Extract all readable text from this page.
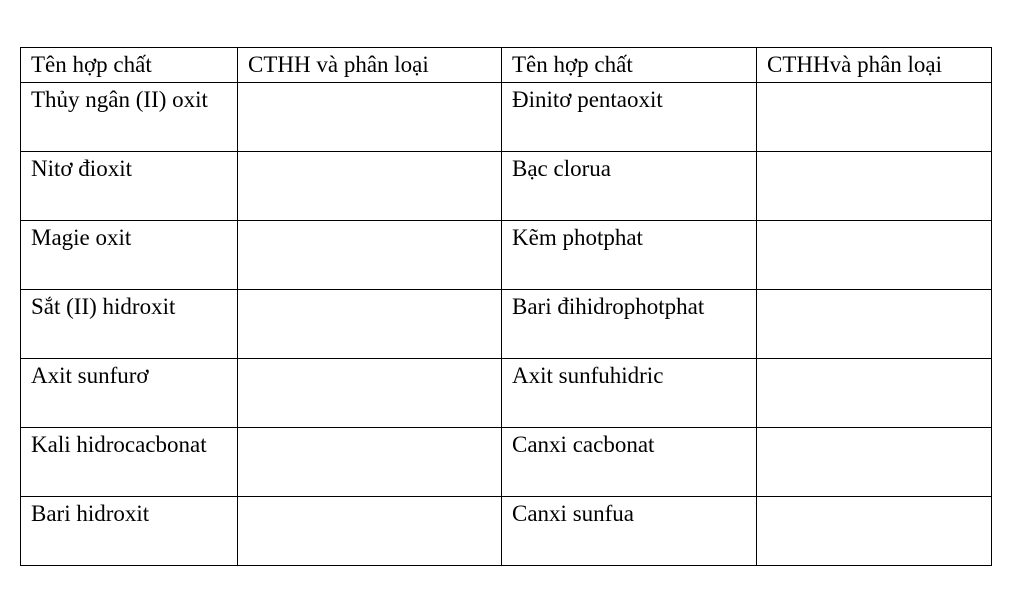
Tên hợp chất	CTHH và phân loại	Tên hợp chất	CTHHvà phân loại
Thủy ngân (II) oxit		Đinitơ pentaoxit	
Nitơ đioxit		Bạc clorua	
Magie oxit		Kẽm photphat	
Sắt (II) hidroxit		Bari đihidrophotphat	
Axit sunfurơ		Axit sunfuhidric	
Kali hidrocacbonat		Canxi cacbonat	
Bari hidroxit		Canxi sunfua	
